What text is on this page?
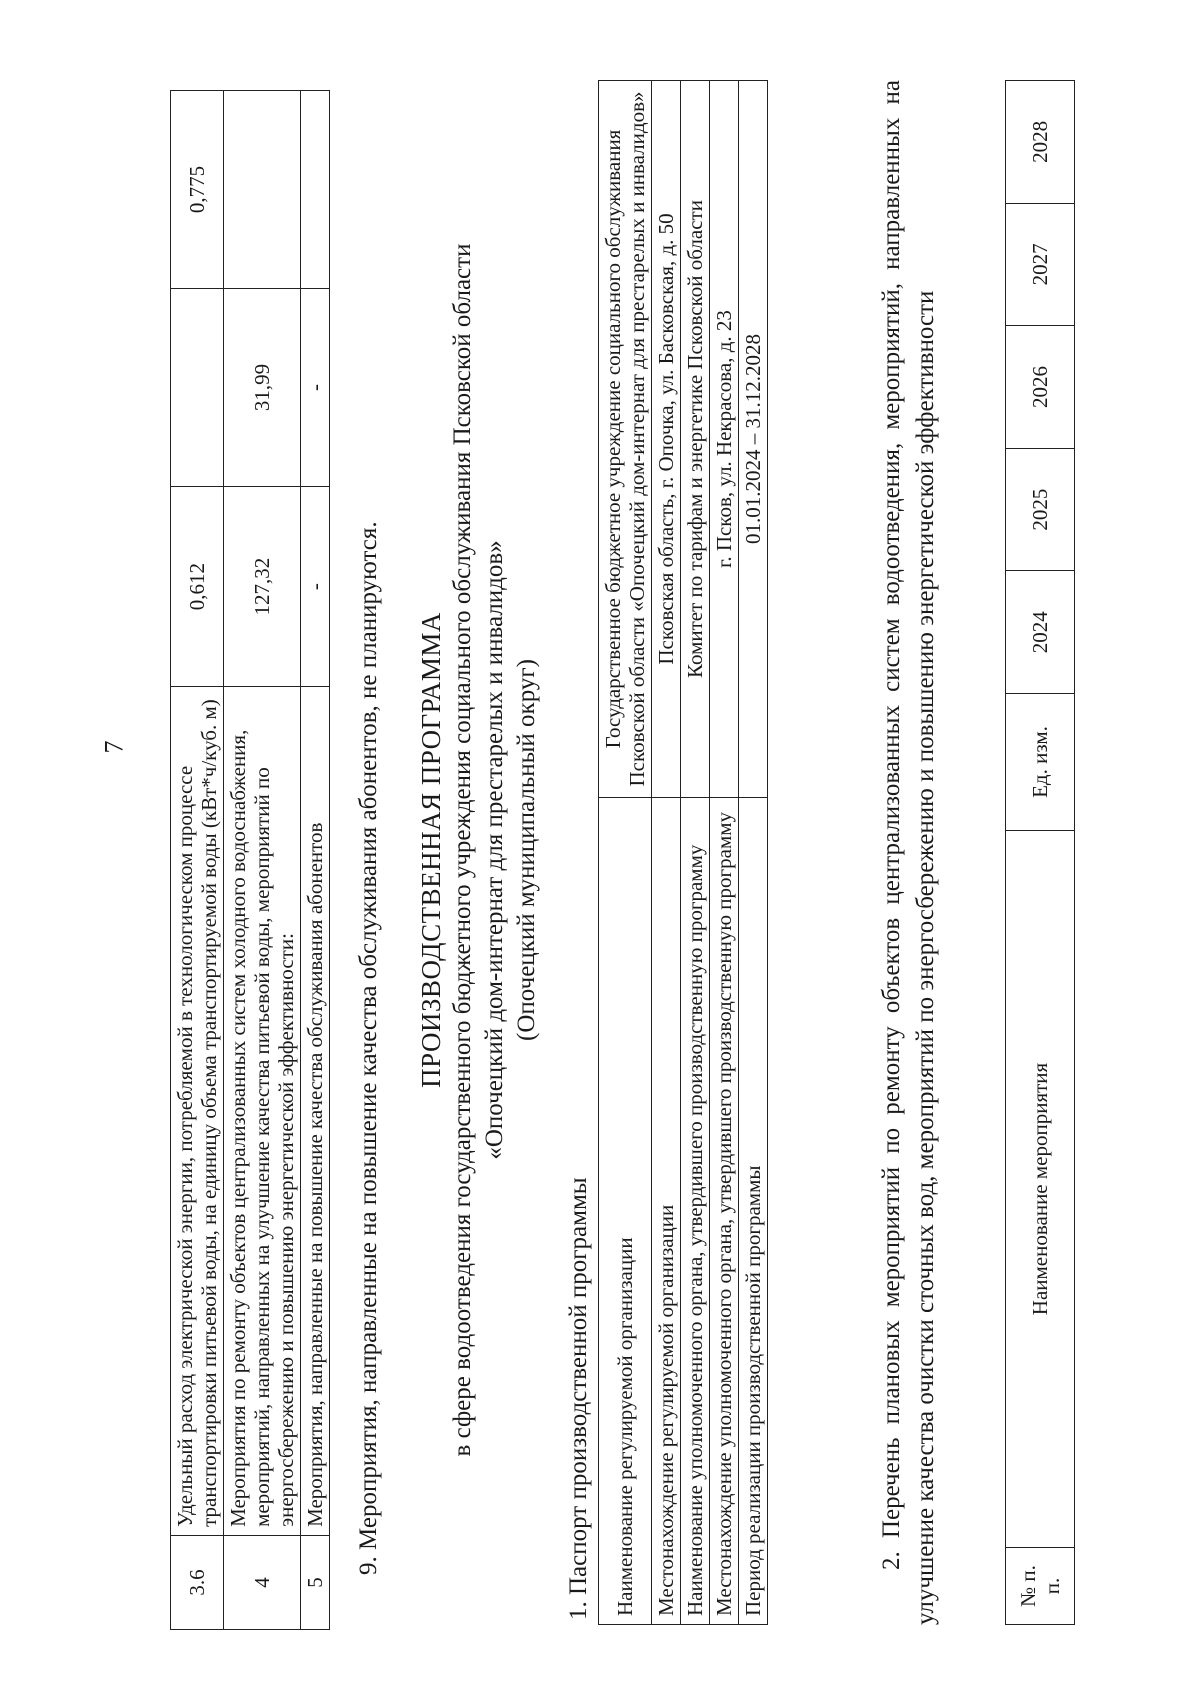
3.6	Удельный расход электрической энергии, потребляемой в технологическом процессе транспортировки питьевой воды, на единицу объема транспортируемой воды (кВт*ч/куб. м)	0,612		0,775
4	Мероприятия по ремонту объектов централизованных систем холодного водоснабжения, мероприятий, направленных на улучшение качества питьевой воды, мероприятий по энергосбережению и повышению энергетической эффективности:	127,32	31,99	
5	Мероприятия, направленные на повышение качества обслуживания абонентов	-	-	
9. Мероприятия, направленные на повышение качества обслуживания абонентов, не планируются. ПРОИЗВОДСТВЕННАЯ ПРОГРАММА в сфере водоотведения государственного бюджетного учреждения социального обслуживания Псковской области «Опочецкий дом-интернат для престарелых и инвалидов» (Опочецкий муниципальный округ)
1. Паспорт производственной программы Наименование регулируемой организации	Государственное бюджетное учреждение социального обслуживания Псковской области «Опочецкий дом-интернат для престарелых и инвалидов»
Местонахождение регулируемой организации	Псковская область, г. Опочка, ул. Басковская, д. 50
Наименование уполномоченного органа, утвердившего производственную программу	Комитет по тарифам и энергетике Псковской области
Местонахождение уполномоченного органа, утвердившего производственную программу	г. Псков, ул. Некрасова, д. 23
Период реализации производственной программы	01.01.2024 – 31.12.2028	2. Перечень плановых мероприятий по ремонту объектов централизованных систем водоотведения, мероприятий, направленных на улучшение качества очистки сточных вод, мероприятий по энергосбережению и повышению энергетической эффективности	№ п. п.	Наименование мероприятия	Ед. изм.	2024	2025	2026	2027	2028
7
